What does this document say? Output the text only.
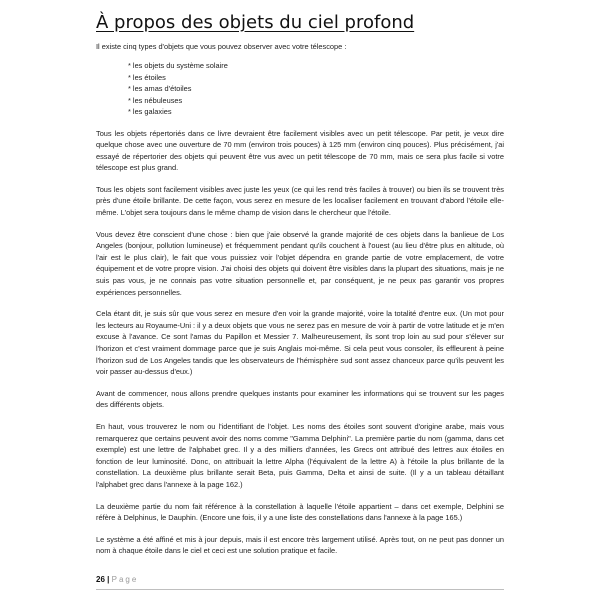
À propos des objets du ciel profond

Il existe cinq types d'objets que vous pouvez observer avec votre télescope :

* les objets du système solaire
* les étoiles
* les amas d'étoiles
* les nébuleuses
* les galaxies

Tous les objets répertoriés dans ce livre devraient être facilement visibles avec un petit télescope. Par petit, je veux dire quelque chose avec une ouverture de 70 mm (environ trois pouces) à 125 mm (environ cinq pouces). Plus précisément, j'ai essayé de répertorier des objets qui peuvent être vus avec un petit télescope de 70 mm, mais ce sera plus facile si votre télescope est plus grand.

Tous les objets sont facilement visibles avec juste les yeux (ce qui les rend très faciles à trouver) ou bien ils se trouvent très près d'une étoile brillante. De cette façon, vous serez en mesure de les localiser facilement en trouvant d'abord l'étoile elle-même. L'objet sera toujours dans le même champ de vision dans le chercheur que l'étoile.

Vous devez être conscient d'une chose : bien que j'aie observé la grande majorité de ces objets dans la banlieue de Los Angeles (bonjour, pollution lumineuse) et fréquemment pendant qu'ils couchent à l'ouest (au lieu d'être plus en altitude, où l'air est le plus clair), le fait que vous puissiez voir l'objet dépendra en grande partie de votre emplacement, de votre équipement et de votre propre vision. J'ai choisi des objets qui doivent être visibles dans la plupart des situations, mais je ne suis pas vous, je ne connais pas votre situation personnelle et, par conséquent, je ne peux pas garantir vos propres expériences personnelles.

Cela étant dit, je suis sûr que vous serez en mesure d'en voir la grande majorité, voire la totalité d'entre eux. (Un mot pour les lecteurs au Royaume-Uni : il y a deux objets que vous ne serez pas en mesure de voir à partir de votre latitude et je m'en excuse à l'avance. Ce sont l'amas du Papillon et Messier 7. Malheureusement, ils sont trop loin au sud pour s'élever sur l'horizon et c'est vraiment dommage parce que je suis Anglais moi-même. Si cela peut vous consoler, ils effleurent à peine l'horizon sud de Los Angeles tandis que les observateurs de l'hémisphère sud sont assez chanceux parce qu'ils peuvent les voir passer au-dessus d'eux.)

Avant de commencer, nous allons prendre quelques instants pour examiner les informations qui se trouvent sur les pages des différents objets.

En haut, vous trouverez le nom ou l'identifiant de l'objet. Les noms des étoiles sont souvent d'origine arabe, mais vous remarquerez que certains peuvent avoir des noms comme "Gamma Delphini". La première partie du nom (gamma, dans cet exemple) est une lettre de l'alphabet grec. Il y a des milliers d'années, les Grecs ont attribué des lettres aux étoiles en fonction de leur luminosité. Donc, on attribuait la lettre Alpha (l'équivalent de la lettre A) à l'étoile la plus brillante de la constellation. La deuxième plus brillante serait Beta, puis Gamma, Delta et ainsi de suite. (Il y a un tableau détaillant l'alphabet grec dans l'annexe à la page 162.)

La deuxième partie du nom fait référence à la constellation à laquelle l'étoile appartient – dans cet exemple, Delphini se réfère à Delphinus, le Dauphin. (Encore une fois, il y a une liste des constellations dans l'annexe à la page 165.)

Le système a été affiné et mis à jour depuis, mais il est encore très largement utilisé. Après tout, on ne peut pas donner un nom à chaque étoile dans le ciel et ceci est une solution pratique et facile.

26 | Page
